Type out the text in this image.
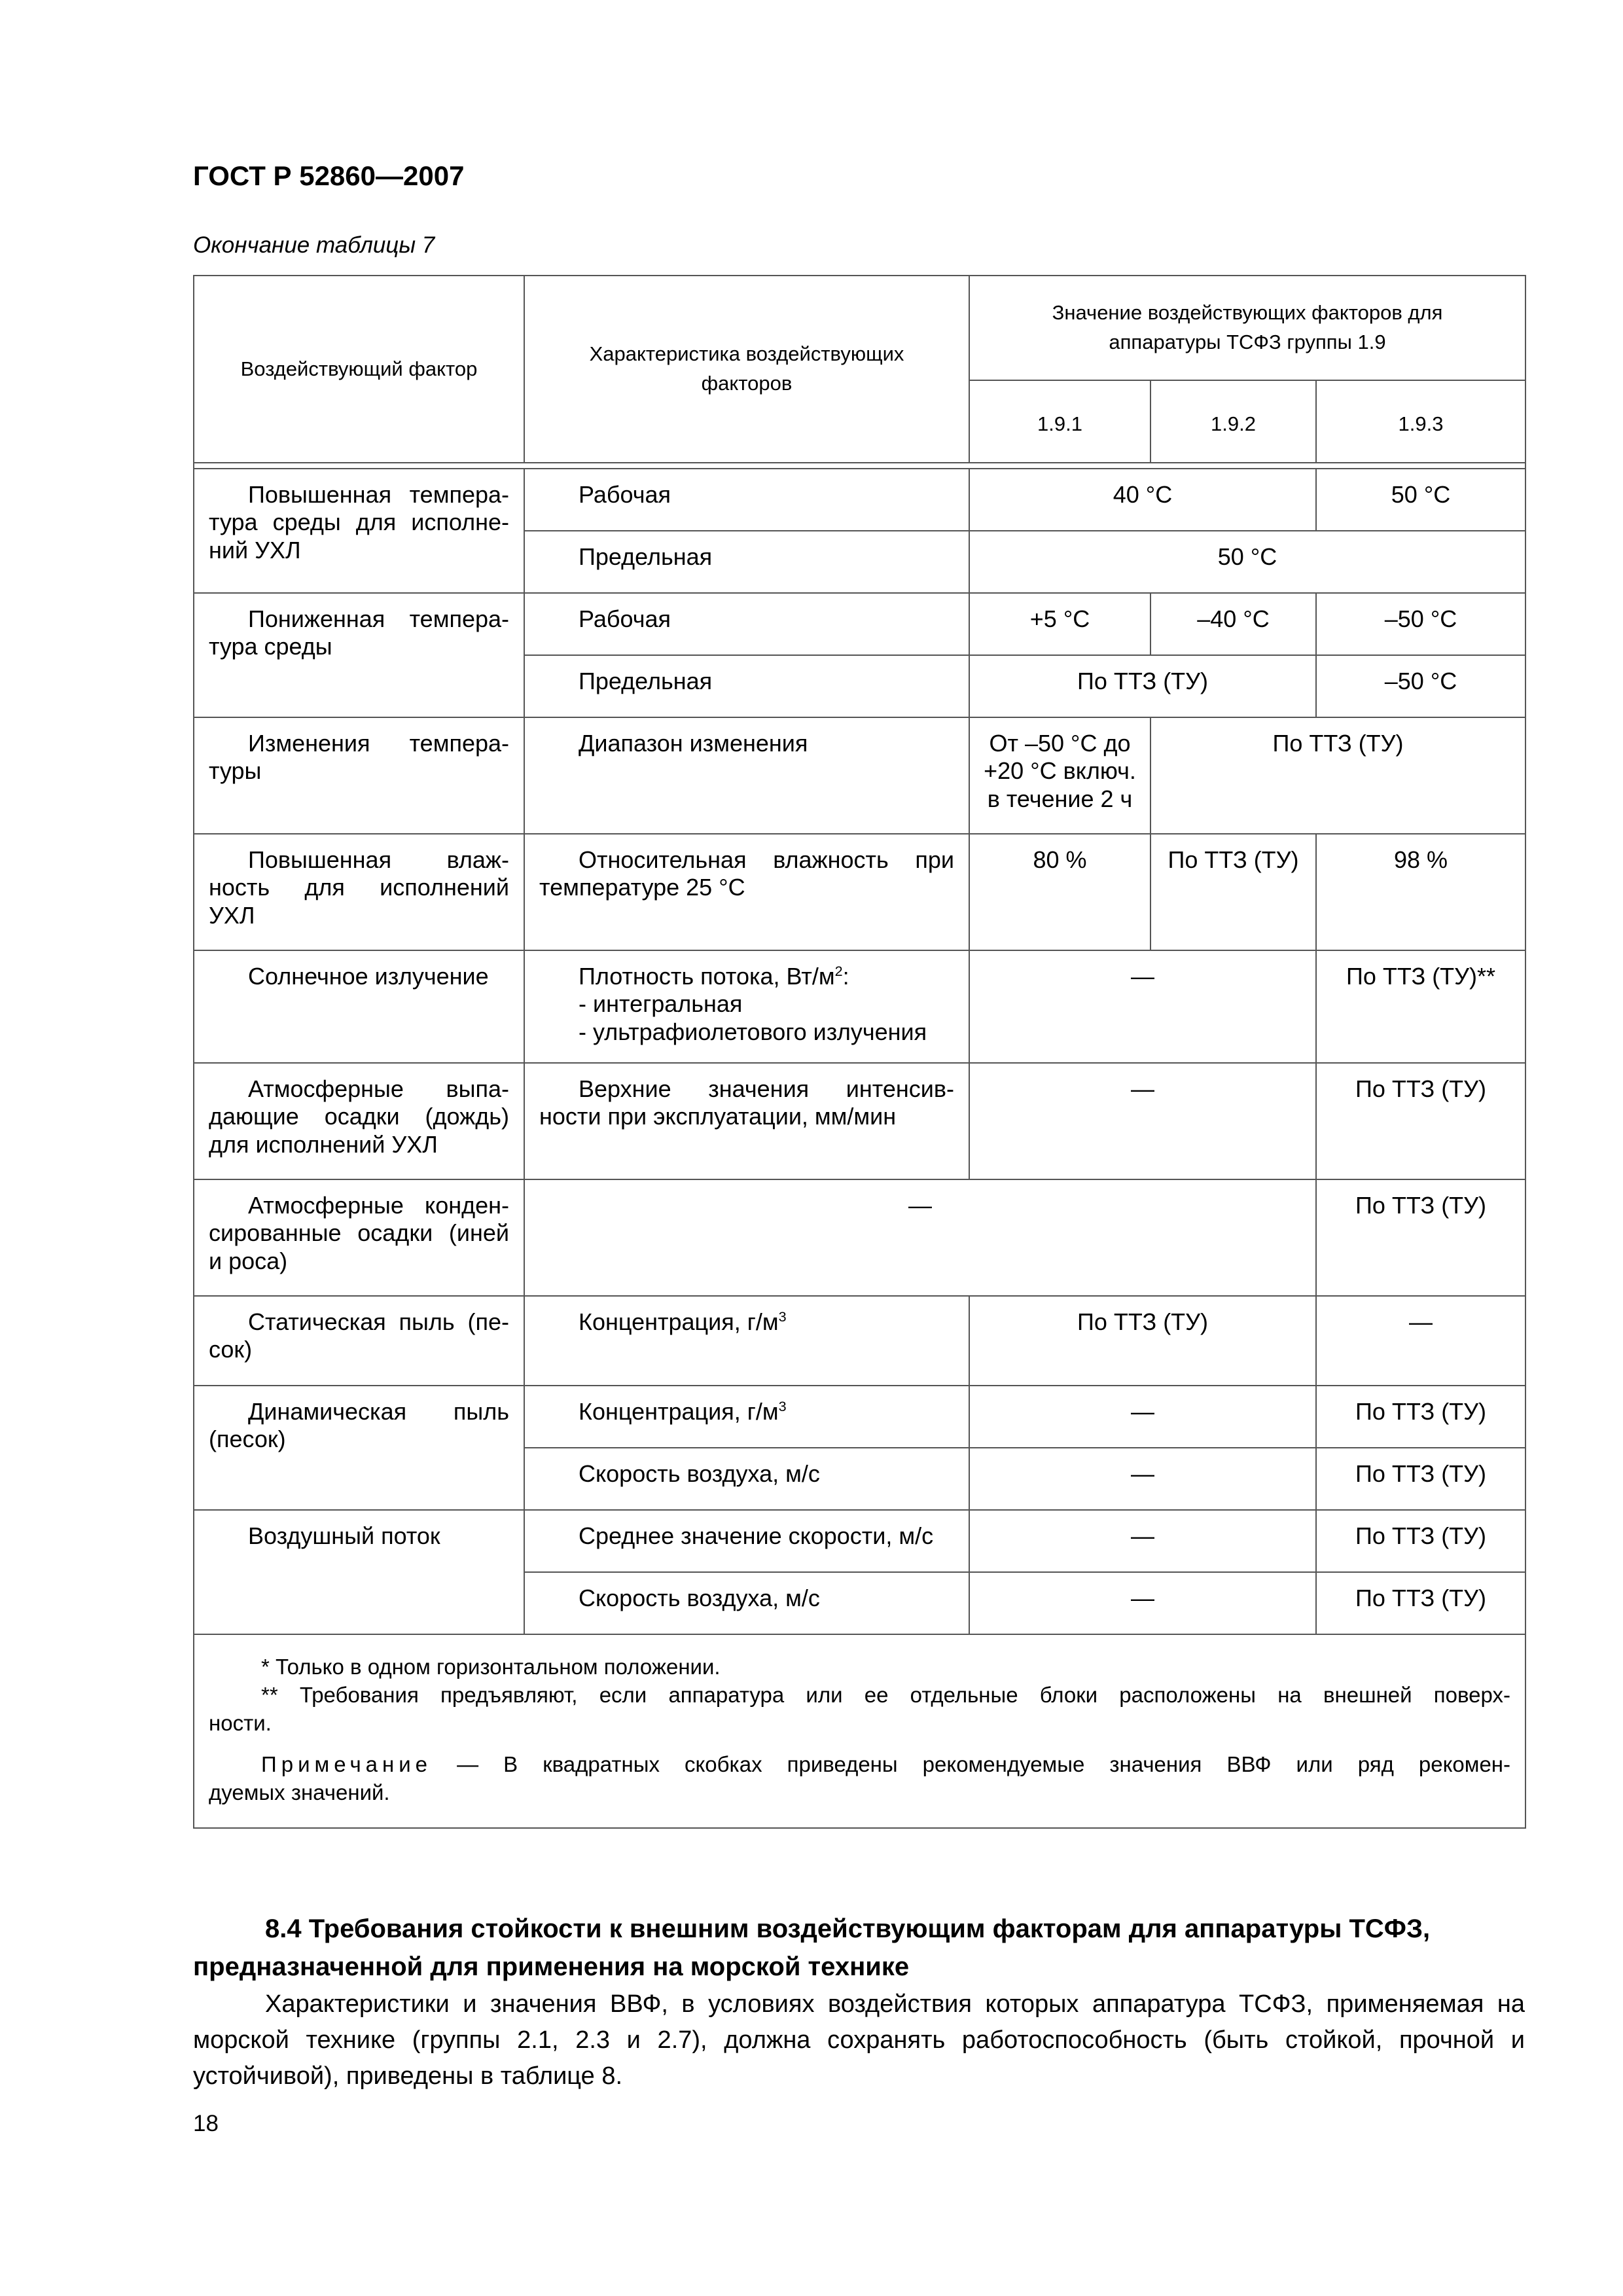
ГОСТ Р 52860—2007
Окончание таблицы 7
Воздействующий фактор	Характеристика воздействующих факторов	Значение воздействующих факторов для аппаратуры ТСФЗ группы 1.9		
		1.9.1	1.9.2	1.9.3

Повышенная темпера-
тура среды для исполне-
ний УХЛ	Рабочая	40 °С		50 °С
	Предельная	50 °С		

Пониженная темпера-
тура среды	Рабочая	+5 °С	–40 °С	–50 °С
	Предельная	По ТТЗ (ТУ)		–50 °С

Изменения темпера-
туры	Диапазон изменения	От –50 °С до
+20 °С включ.
в течение 2 ч	По ТТЗ (ТУ)	

Повышенная влаж-
ность для исполнений
УХЛ	Относительная влажность при
температуре 25 °С	80 %	По ТТЗ (ТУ)	98 %
Солнечное излучение	Плотность потока, $Вт/м^2$:
- интегральная
- ультрафиолетового излучения	—		По ТТЗ (ТУ)**

Атмосферные выпа-
дающие осадки (дождь)
для исполнений УХЛ	Верхние значения интенсив-
ности при эксплуатации, мм/мин	—		По ТТЗ (ТУ)

Атмосферные конден-
сированные осадки (иней
и роса)	—			По ТТЗ (ТУ)

Статическая пыль (пе-
сок)	Концентрация, $г/м^3$	По ТТЗ (ТУ)		—

Динамическая пыль
(песок)	Концентрация, $г/м^3$	—		По ТТЗ (ТУ)
	Скорость воздуха, м/с	—		По ТТЗ (ТУ)
Воздушный поток	Среднее значение скорости, м/с	—		По ТТЗ (ТУ)
	Скорость воздуха, м/с	—		По ТТЗ (ТУ)

* Только в одном горизонтальном положении.
** Требования предъявляют, если аппаратура или ее отдельные блоки расположены на внешней поверх-
ности.
Примечание — В квадратных скобках приведены рекомендуемые значения ВВФ или ряд рекомен-
дуемых значений.				
8.4 Требования стойкости к внешним воздействующим факторам для аппаратуры ТСФЗ,
предназначенной для применения на морской технике
Характеристики и значения ВВФ, в условиях воздействия которых аппаратура ТСФЗ, применяемая на морской технике (группы 2.1, 2.3 и 2.7), должна сохранять работоспособность (быть стойкой, прочной и устойчивой), приведены в таблице 8.
18
